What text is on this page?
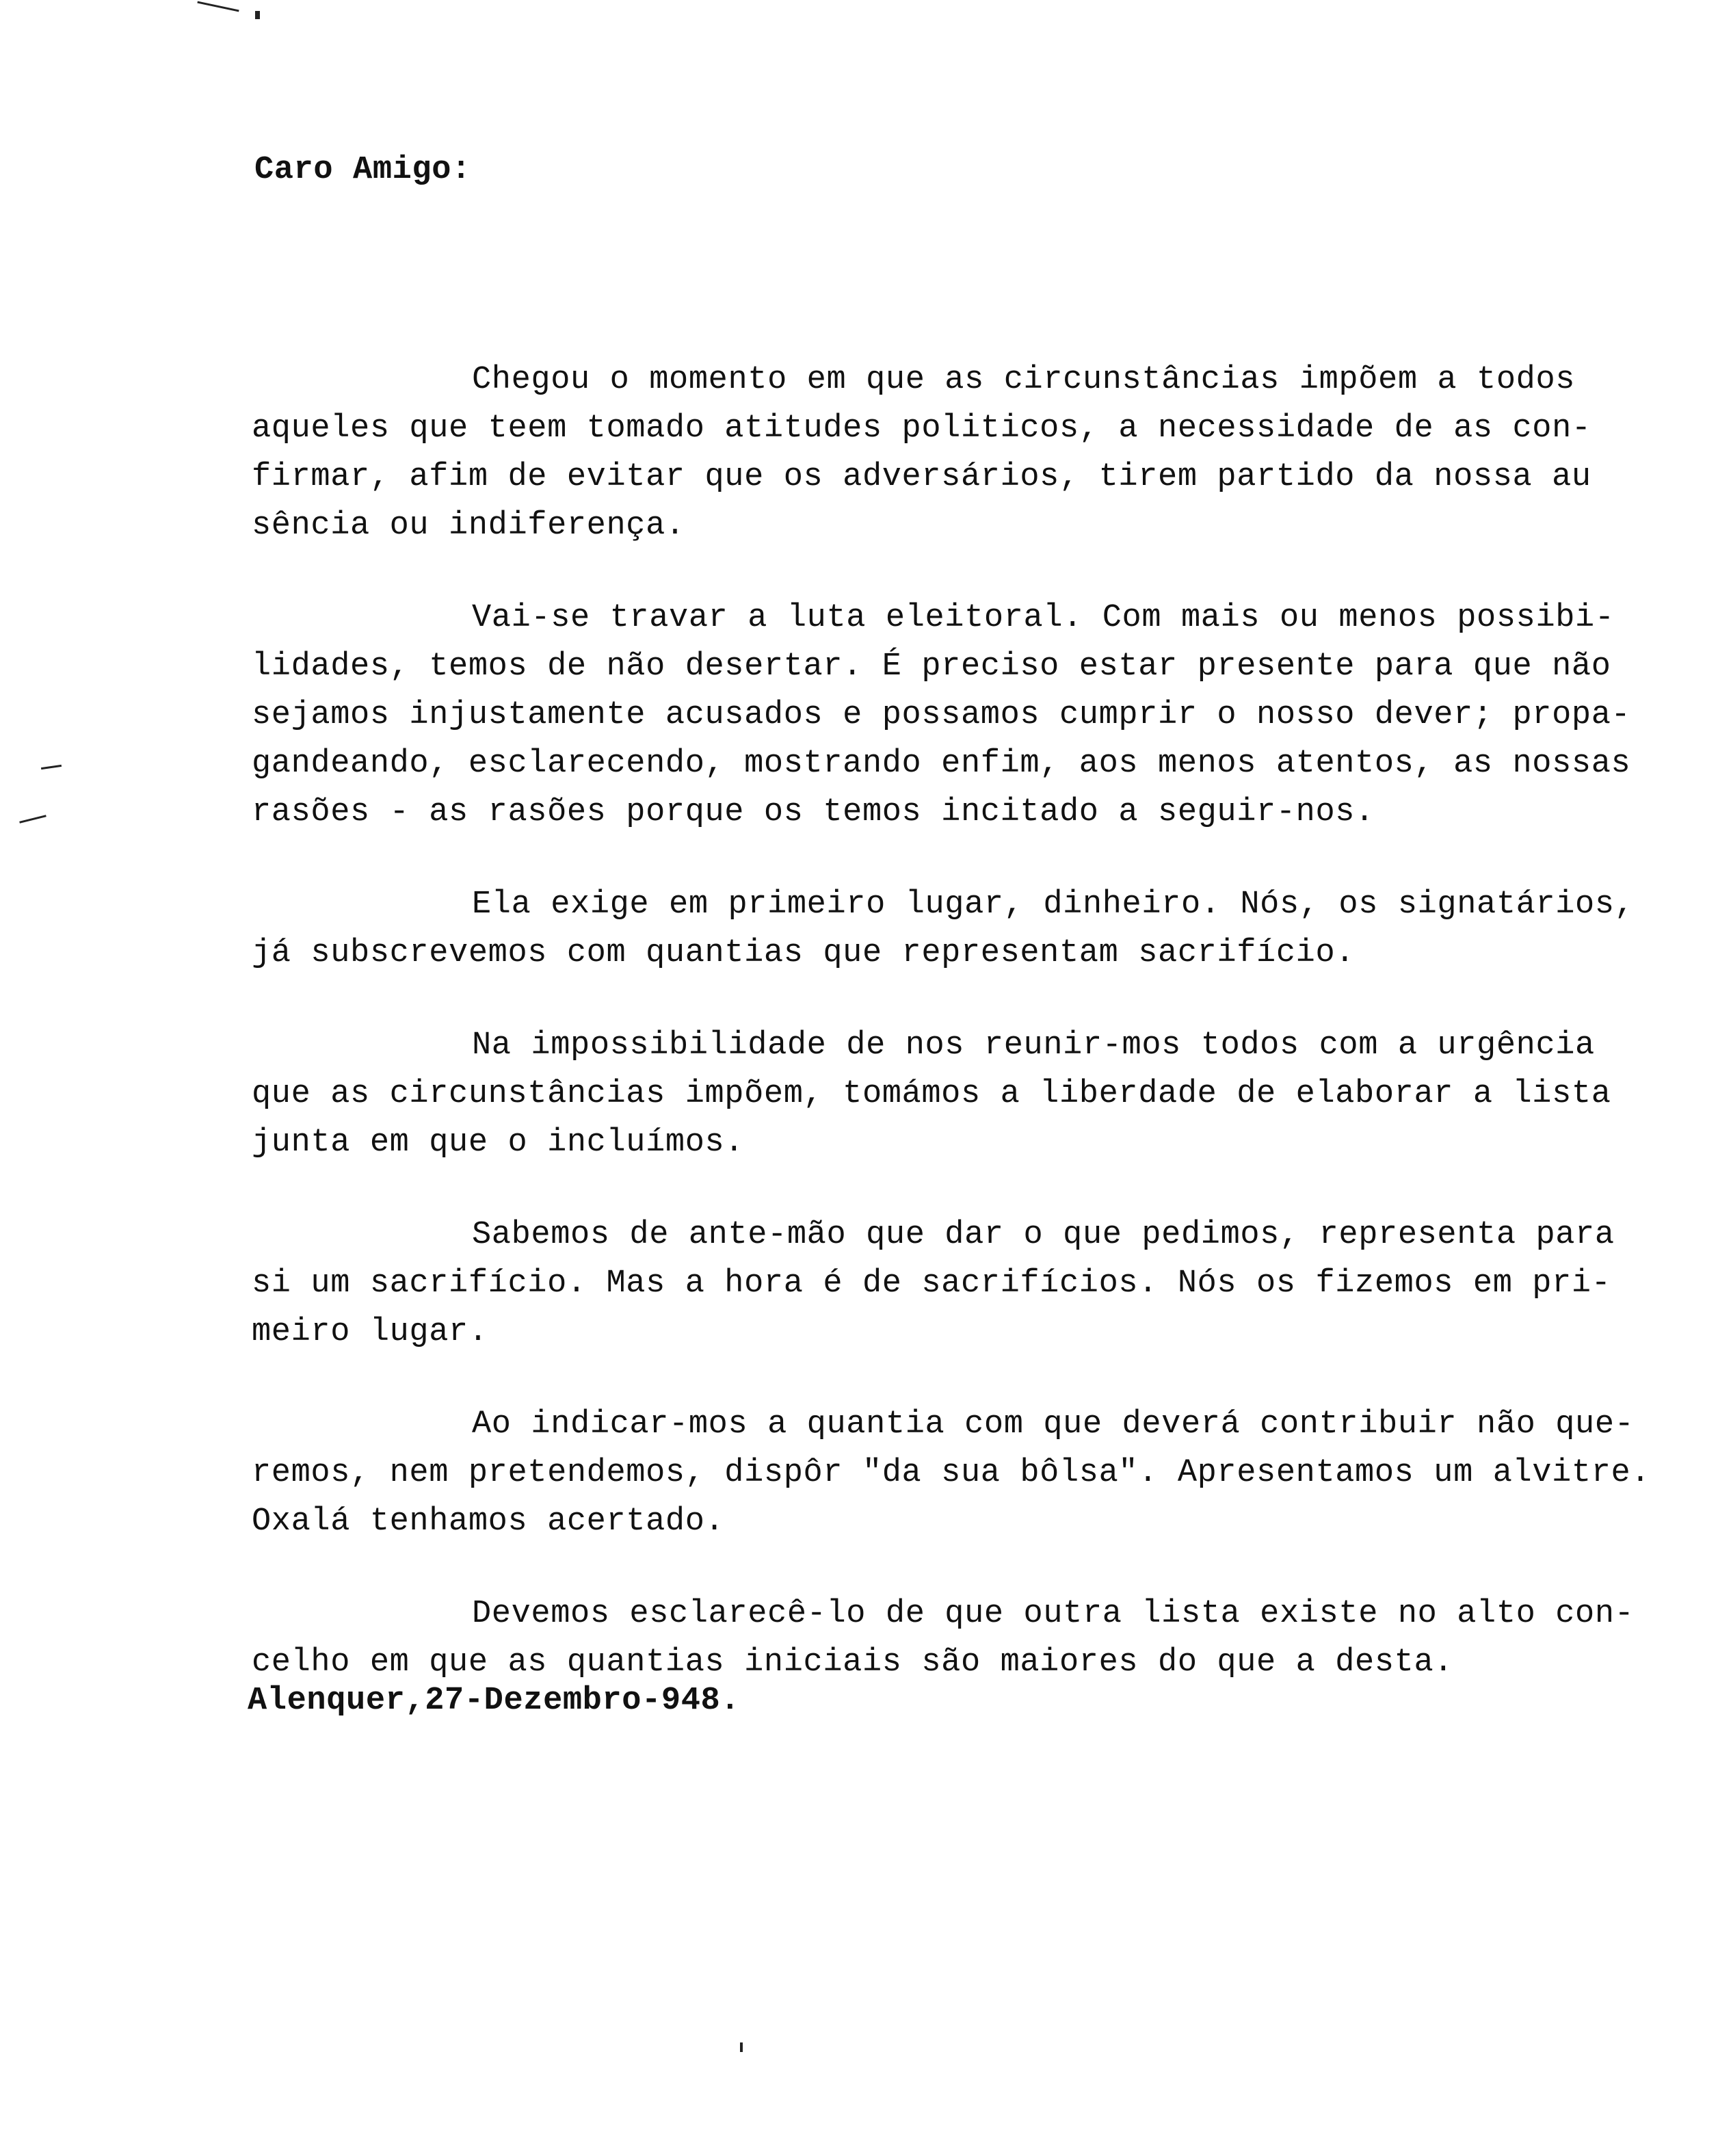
Caro Amigo:

Chegou o momento em que as circunstâncias impõem a todos
aqueles que teem tomado atitudes politicos, a necessidade de as con-
firmar, afim de evitar que os adversários, tirem partido da nossa au
sência ou indiferença.
Vai-se travar a luta eleitoral. Com mais ou menos possibi-
lidades, temos de não desertar. É preciso estar presente para que não
sejamos injustamente acusados e possamos cumprir o nosso dever; propa-
gandeando, esclarecendo, mostrando enfim, aos menos atentos, as nossas
rasões - as rasões porque os temos incitado a seguir-nos.
Ela exige em primeiro lugar, dinheiro. Nós, os signatários,
já subscrevemos com quantias que representam sacrifício.
Na impossibilidade de nos reunir-mos todos com a urgência
que as circunstâncias impõem, tomámos a liberdade de elaborar a lista
junta em que o incluímos.
Sabemos de ante-mão que dar o que pedimos, representa para
si um sacrifício. Mas a hora é de sacrifícios. Nós os fizemos em pri-
meiro lugar.
Ao indicar-mos a quantia com que deverá contribuir não que-
remos, nem pretendemos, dispôr "da sua bôlsa". Apresentamos um alvitre.
Oxalá tenhamos acertado.
Devemos esclarecê-lo de que outra lista existe no alto con-
celho em que as quantias iniciais são maiores do que a desta.

Alenquer,27-Dezembro-948.
